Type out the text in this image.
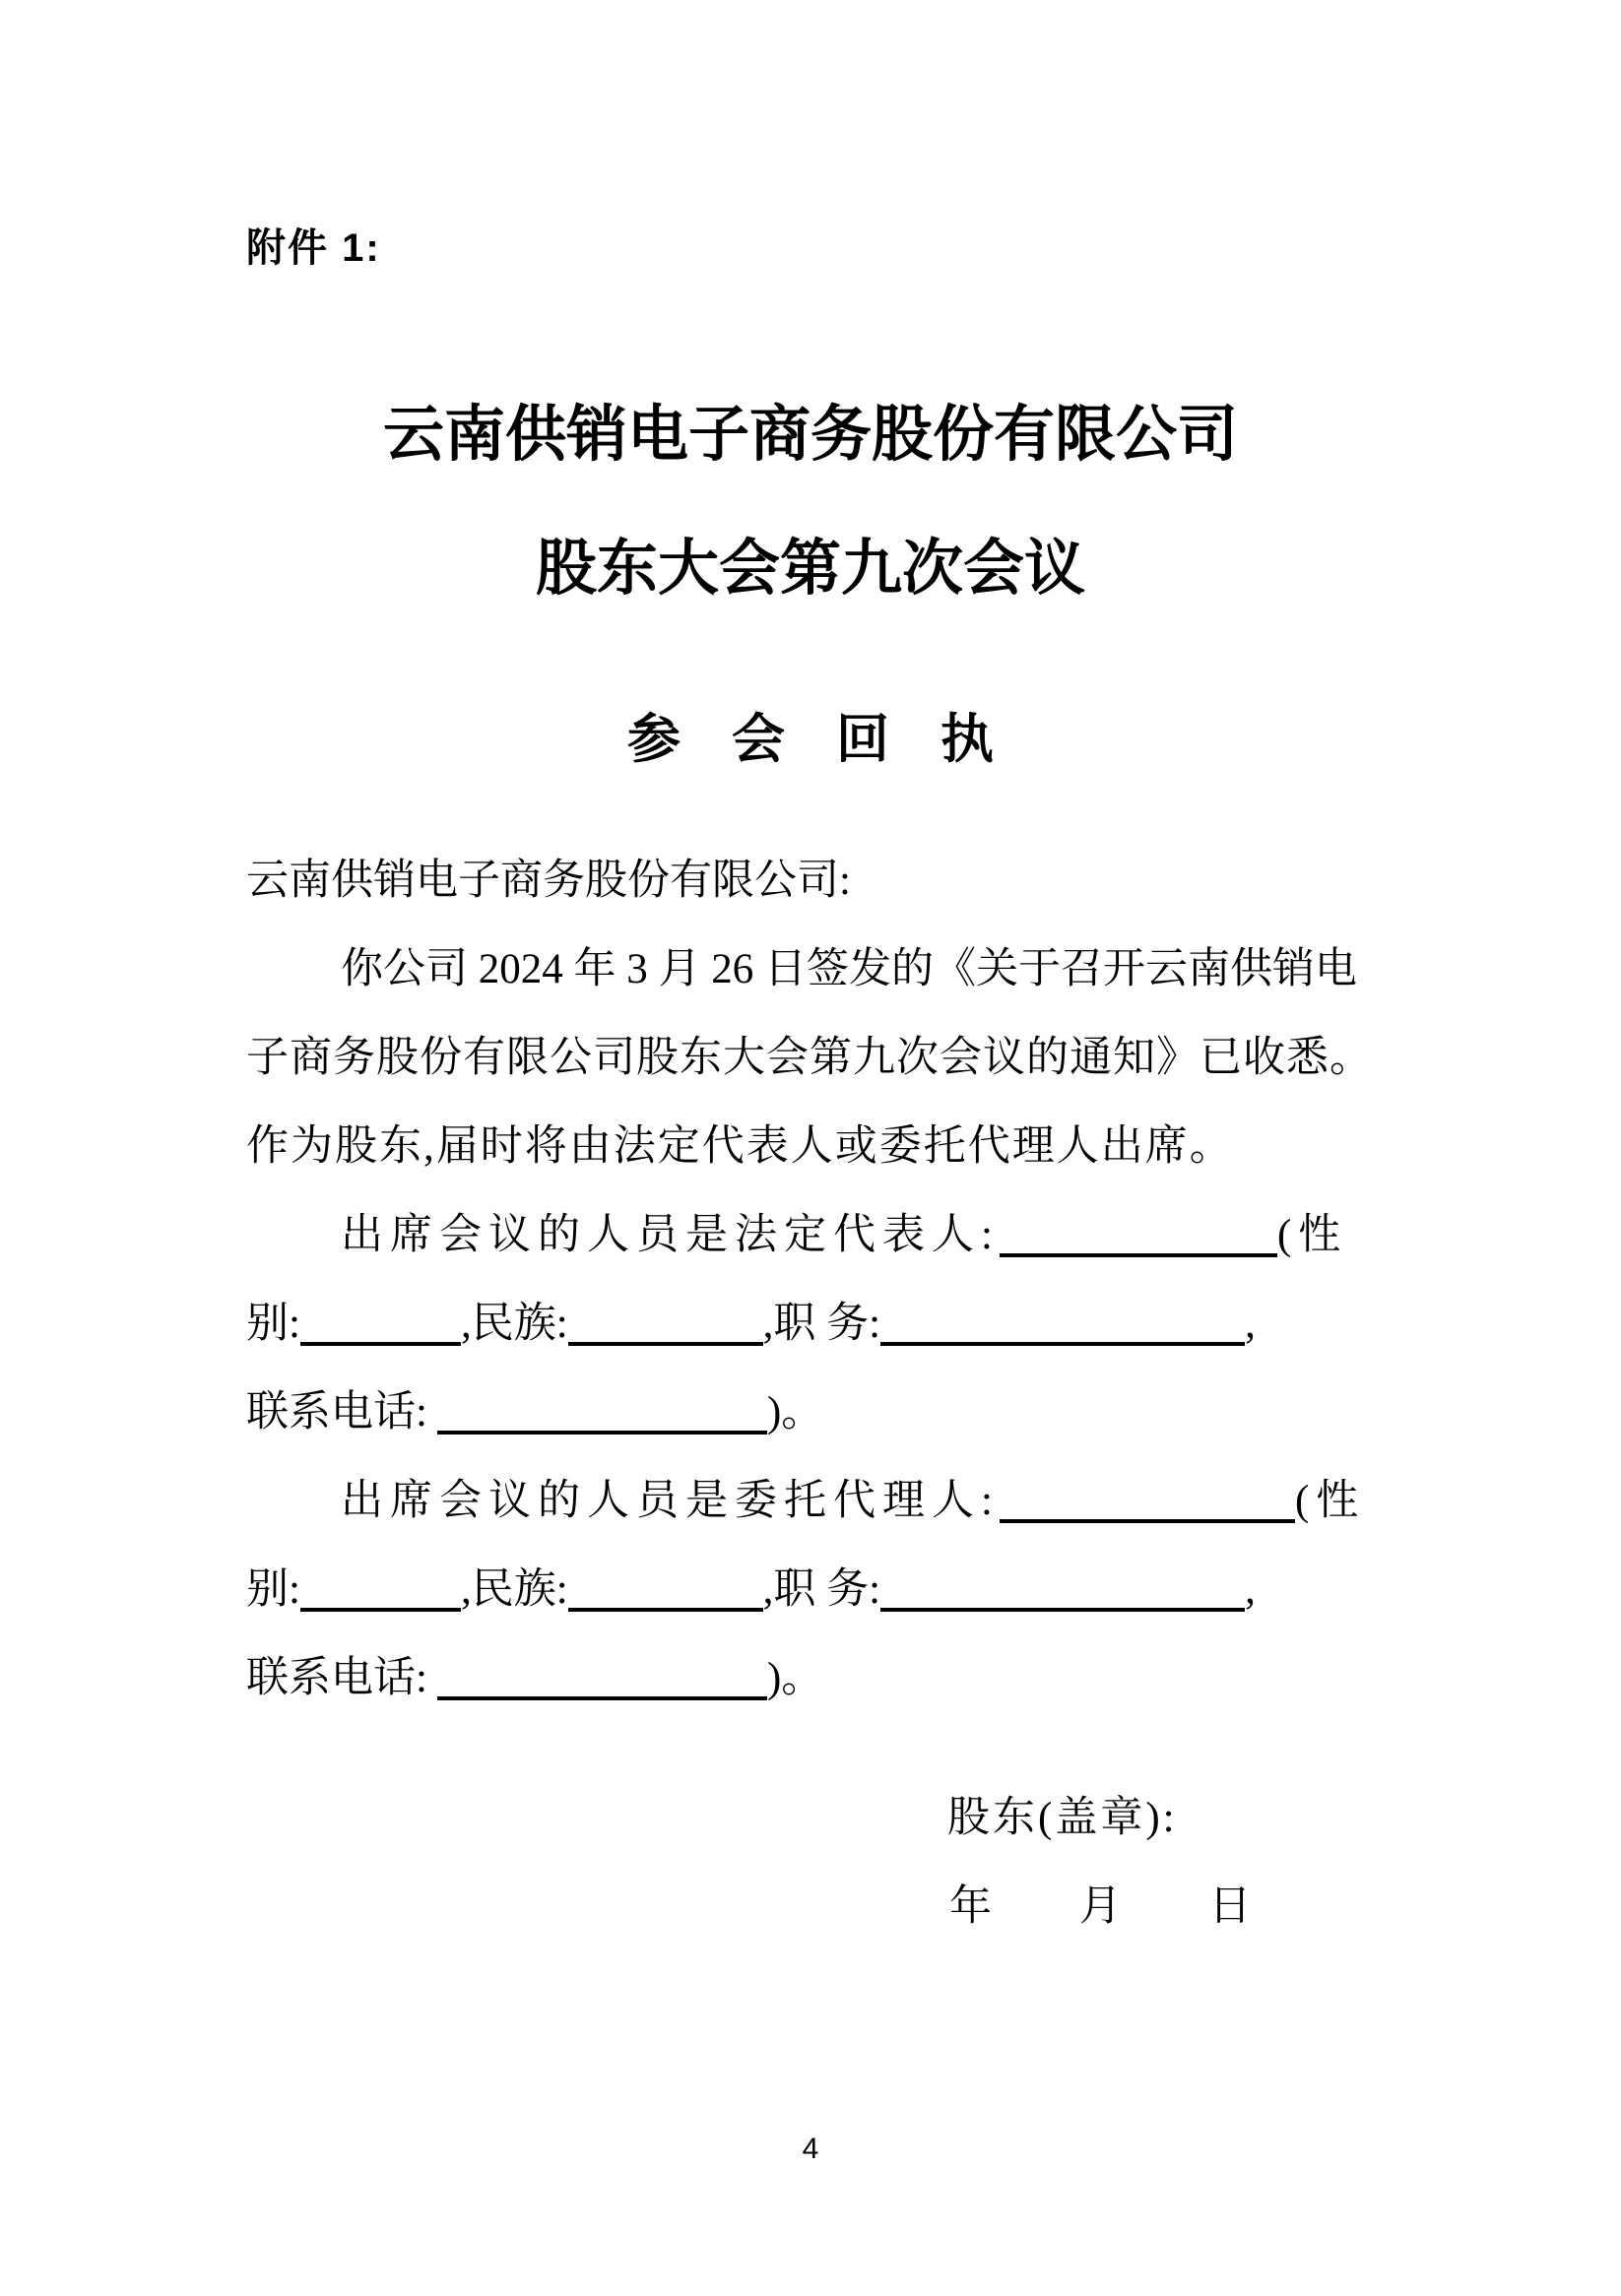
附件 1:
云南供销电子商务股份有限公司
股东大会第九次会议
参会回执
云南供销电子商务股份有限公司:
你公司 2024 年 3 月 26 日签发的《关于召开云南供销电
子商务股份有限公司股东大会第九次会议的通知》已收悉。
作为股东,届时将由法定代表人或委托代理人出席。
出席会议的人员是法定代表人:	(性
别:	,民族:	,职 务:	,
联系电话:	)。
出席会议的人员是委托代理人:	(性
别:	,民族:	,职 务:	,
联系电话:	)。
股东(盖章):
年 月 日
4
